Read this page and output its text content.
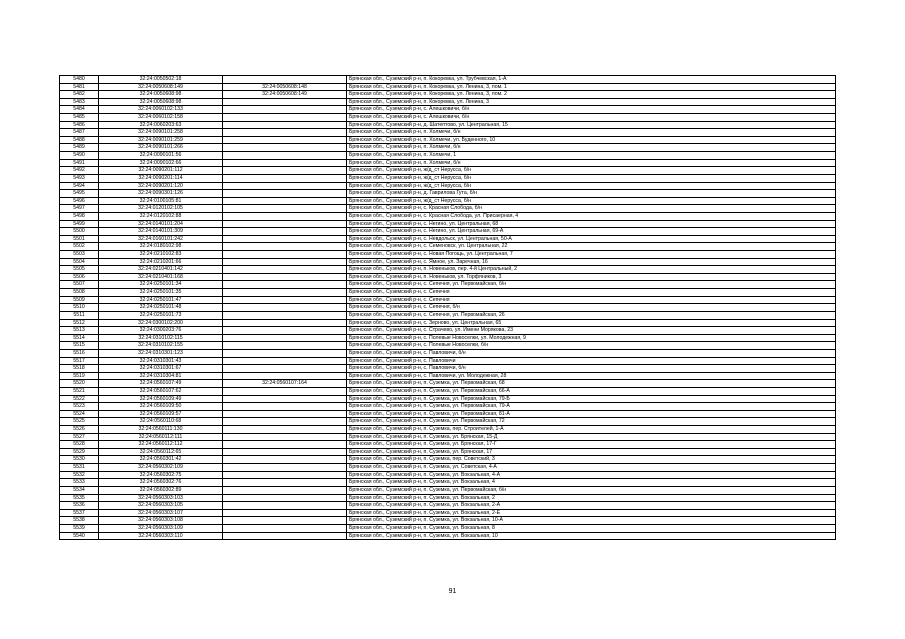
5480	32:24:0050502:18		Брянская обл., Суземский р-н, п. Кокоревка, ул. Трубчевская, 1-А
5481	32:24:0050608:149	32:24:0050608:148	Брянская обл., Суземский р-н, п. Кокоревка, ул. Ленина, 3, пом. 1
5482	32:24:0050608:98	32:24:0050608:149	Брянская обл., Суземский р-н, п. Кокоревка, ул. Ленина, 3, пом. 2
5483	32:24:0050608:98		Брянская обл., Суземский р-н, п. Кокоревка, ул. Ленина, 3
5484	32:24:0060102:133		Брянская обл., Суземский р-н, с. Алешковичи, б/н
5485	32:24:0060102:158		Брянская обл., Суземский р-н, с. Алешковичи, б/н
5486	32:24:0060203:63		Брянская обл., Суземский р-н, д. Шатептово, ул. Центральная, 15
5487	32:24:0090101:258		Брянская обл., Суземский р-н, п. Холмечи, б/н
5488	32:24:0090101:259		Брянская обл., Суземский р-н, п. Холмечи, ул. Буденного, 10
5489	32:24:0090101:266		Брянская обл., Суземский р-н, п. Холмечи, б/н
5490	32:24:0090101:56		Брянская обл., Суземский р-н, п. Холмечи, 1
5491	32:24:0090102:66		Брянская обл., Суземский р-н, п. Холмечи, б/н
5492	32:24:0090201:112		Брянская обл., Суземский р-н, ж/д_ст Нерусса, б/н
5493	32:24:0090201:114		Брянская обл., Суземский р-н, ж/д_ст Нерусса, б/н
5494	32:24:0090201:120		Брянская обл., Суземский р-н, ж/д_ст Нерусса, б/н
5495	32:24:0090301:126		Брянская обл., Суземский р-н, д. Гавриловa Гута, б/н
5496	32:24:0100105:81		Брянская обл., Суземский р-н, ж/д_ст Нерусса, б/н
5497	32:24:0120102:105		Брянская обл., Суземский р-н, с. Красная Слобода, б/н
5498	32:24:0120102:88		Брянская обл., Суземский р-н, с. Красная Слобода, ул. Присаерная, 4
5499	32:24:0140101:204		Брянская обл., Суземский р-н, с. Негино, ул. Центральная, 68
5500	32:24:0140101:309		Брянская обл., Суземский р-н, с. Негино, ул. Центральная, 69-А
5501	32:24:0160101:242		Брянская обл., Суземский р-н, с. Невдольск, ул. Центральная, 50-А
5502	32:24:0180102:98		Брянская обл., Суземский р-н, с. Семеновск, ул. Центральная, 22
5503	32:24:0210102:83		Брянская обл., Суземский р-н, с. Новая Погощь, ул. Центральная, 7
5504	32:24:0210201:66		Брянская обл., Суземский р-н, с. Ямное, ул. Заречная, 16
5505	32:24:0210401:142		Брянская обл., Суземский р-н, п. Новеньков, пер. 4-й Центральный, 2
5506	32:24:0210401:168		Брянская обл., Суземский р-н, п. Новеньков, ул. Торфяников, 3
5507	32:24:0250101:34		Брянская обл., Суземский р-н, с. Сепечня, ул. Первомайская, б/н
5508	32:24:0250101:35		Брянская обл., Суземский р-н, с. Сепечня
5509	32:24:0250101:47		Брянская обл., Суземский р-н, с. Сепечня
5510	32:24:0250101:48		Брянская обл., Суземский р-н, с. Сепечня, б/н
5511	32:24:0250101:73		Брянская обл., Суземский р-н, с. Сепечня, ул. Первомайская, 26
5512	32:24:0300102:200		Брянская обл., Суземский р-н, с. Зерново, ул. Центральная, 65
5513	32:24:0300203:76		Брянская обл., Суземский р-н, с. Страчево, ул. Имени Морякова, 23
5514	32:24:0310102:115		Брянская обл., Суземский р-н, с. Полевые Новоселки, ул. Молодежная, 9
5515	32:24:0310102:155		Брянская обл., Суземский р-н, с. Полевые Новоселки, б/н
5516	32:24:0310301:123		Брянская обл., Суземский р-н, с. Павловичи, б/н
5517	32:24:0310301:43		Брянская обл., Суземский р-н, с. Павловичи
5518	32:24:0310301:67		Брянская обл., Суземский р-н, с. Павловичи, б/н
5519	32:24:0310304:81		Брянская обл., Суземский р-н, с. Павловичи, ул. Молодежная, 28
5520	32:24:0560107:49	32:24:0560107:164	Брянская обл., Суземский р-н, п. Суземка, ул. Первомайская, 68
5521	32:24:0560107:62		Брянская обл., Суземский р-н, п. Суземка, ул. Первомайская, 66-А
5522	32:24:0560109:49		Брянская обл., Суземский р-н, п. Суземка, ул. Первомайская, 79-Б
5523	32:24:0560109:50		Брянская обл., Суземский р-н, п. Суземка, ул. Первомайская, 79-А
5524	32:24:0560109:57		Брянская обл., Суземский р-н, п. Суземка, ул. Первомайская, 81-А
5525	32:24:0560110:68		Брянская обл., Суземский р-н, п. Суземка, ул. Первомайская, 72
5526	32:24:0560111:130		Брянская обл., Суземский р-н, п. Суземка, пер. Строителей, 1-А
5527	32:24:0560112:111		Брянская обл., Суземский р-н, п. Суземка, ул. Брянская, 15-Д
5528	32:24:0560112:112		Брянская обл., Суземский р-н, п. Суземка, ул. Брянская, 17-Г
5529	32:24:0560112:65		Брянская обл., Суземский р-н, п. Суземка, ул. Брянская, 17
5530	32:24:0560301:42		Брянская обл., Суземский р-н, п. Суземка, пер. Советский, 3
5531	32:24:0560302:109		Брянская обл., Суземский р-н, п. Суземка, ул. Советская, 4-А
5532	32:24:0560302:75		Брянская обл., Суземский р-н, п. Суземка, ул. Вокзальная, 4-А
5533	32:24:0560302:76		Брянская обл., Суземский р-н, п. Суземка, ул. Вокзальная, 4
5534	32:24:0560302:89		Брянская обл., Суземский р-н, п. Суземка, ул. Первомайская, б/н
5535	32:24:0560303:103		Брянская обл., Суземский р-н, п. Суземка, ул. Вокзальная, 2
5536	32:24:0560303:105		Брянская обл., Суземский р-н, п. Суземка, ул. Вокзальная, 2-А
5537	32:24:0560303:107		Брянская обл., Суземский р-н, п. Суземка, ул. Вокзальная, 2-Е
5538	32:24:0560303:108		Брянская обл., Суземский р-н, п. Суземка, ул. Вокзальная, 10-А
5539	32:24:0560303:109		Брянская обл., Суземский р-н, п. Суземка, ул. Вокзальная, 8
5540	32:24:0560303:110		Брянская обл., Суземский р-н, п. Суземка, ул. Вокзальная, 10
91
